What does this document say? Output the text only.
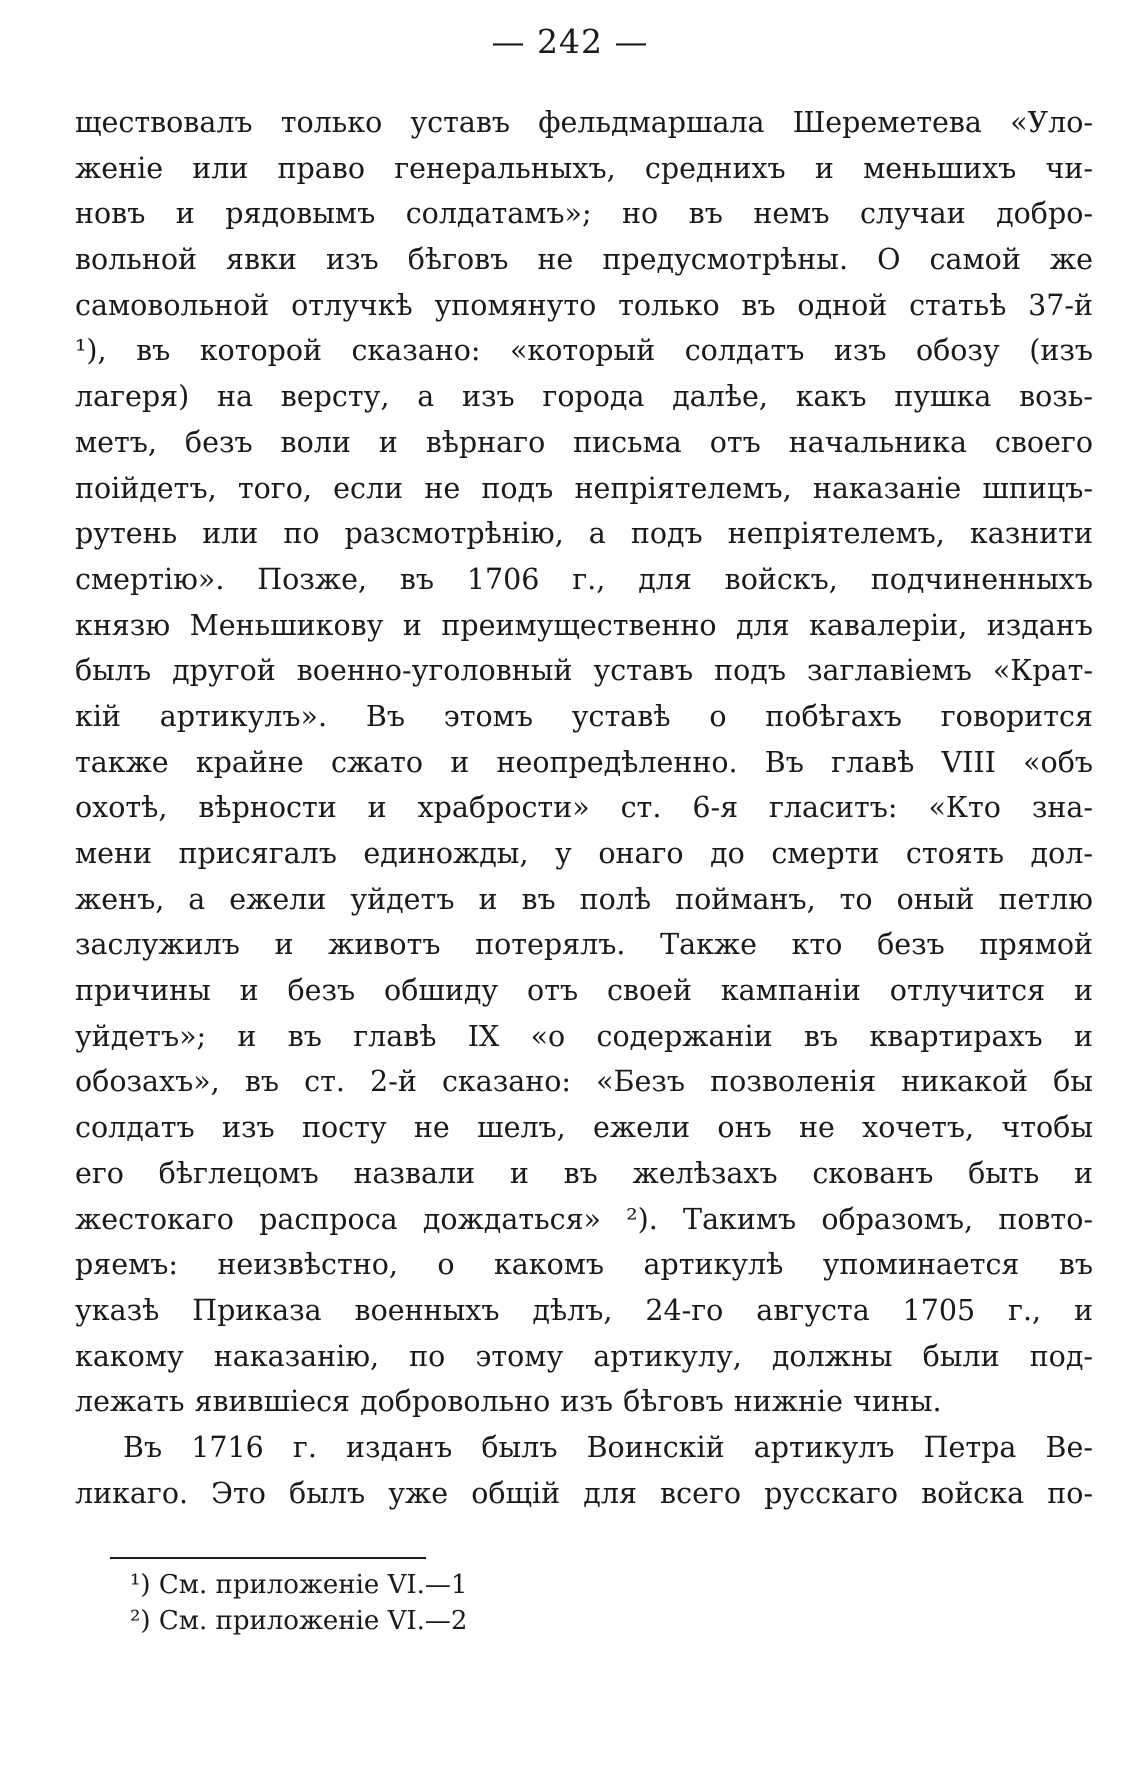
— 242 —
ществовалъ только уставъ фельдмаршала Шереметева «Уло-
женіе или право генеральныхъ, среднихъ и меньшихъ чи-
новъ и рядовымъ солдатамъ»; но въ немъ случаи добро-
вольной явки изъ бѣговъ не предусмотрѣны. О самой же
самовольной отлучкѣ упомянуто только въ одной статьѣ 37-й
¹), въ которой сказано: «который солдатъ изъ обозу (изъ
лагеря) на версту, а изъ городa далѣе, какъ пушка возь-
метъ, безъ воли и вѣрнаго письма отъ начальника своего
поійдетъ, того, если не подъ непріятелемъ, наказаніе шпицъ-
рутень или по разсмотрѣнію, а подъ непріятелемъ, казнити
смертію». Позже, въ 1706 г., для войскъ, подчиненныхъ
князю Меньшикову и преимущественно для кавалеріи, изданъ
былъ другой военно-уголовный уставъ подъ заглавіемъ «Крат-
кій артикулъ». Въ этомъ уставѣ о побѣгахъ говорится
также крайне сжато и неопредѣленно. Въ главѣ VIII «объ
охотѣ, вѣрности и храбрости» ст. 6-я гласитъ: «Кто зна-
мени присягалъ единожды, у онаго до смерти стоять дол-
женъ, а ежели уйдетъ и въ полѣ пойманъ, то оный петлю
заслужилъ и животъ потерялъ. Также кто безъ прямой
причины и безъ обшиду отъ своей кампаніи отлучится и
уйдетъ»; и въ главѣ IX «о содержаніи въ квартирахъ и
обозахъ», въ ст. 2-й сказано: «Безъ позволенія никакой бы
солдатъ изъ посту не шелъ, ежели онъ не хочетъ, чтобы
его бѣглецомъ назвали и въ желѣзахъ скованъ быть и
жестокаго распроса дождаться» ²). Такимъ образомъ, повто-
ряемъ: неизвѣстно, о какомъ артикулѣ упоминается въ
указѣ Приказа военныхъ дѣлъ, 24-го августа 1705 г., и
какому наказанію, по этому артикулу, должны были под-
лежать явившіеся добровольно изъ бѣговъ нижніе чины.
Въ 1716 г. изданъ былъ Воинскій артикулъ Петра Ве-
ликаго. Это былъ уже общій для всего русскаго войска по-
¹) См. приложеніе VI.—1
²) См. приложеніе VI.—2
